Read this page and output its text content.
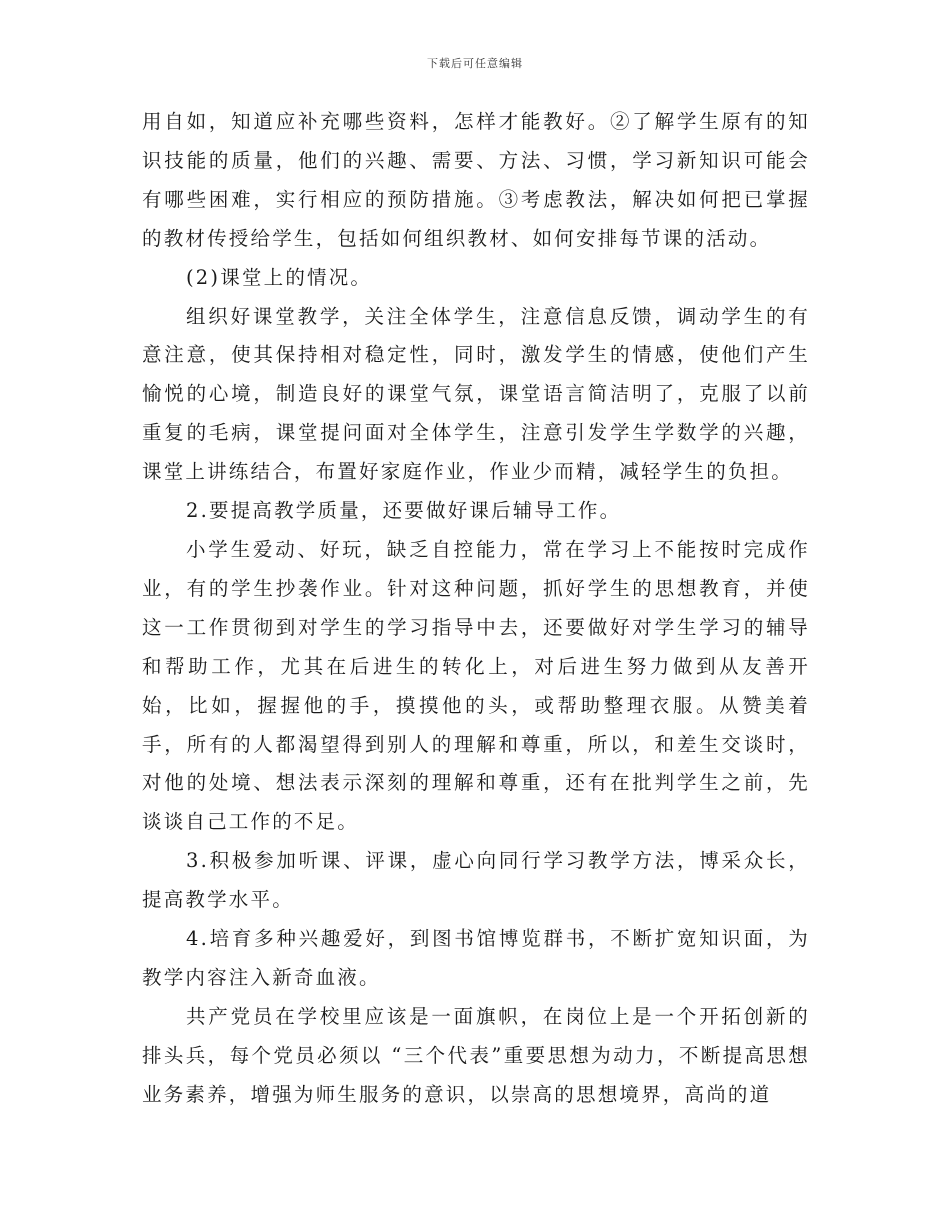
下载后可任意编辑

用自如，知道应补充哪些资料，怎样才能教好。②了解学生原有的知识技能的质量，他们的兴趣、需要、方法、习惯，学习新知识可能会有哪些困难，实行相应的预防措施。③考虑教法，解决如何把已掌握的教材传授给学生，包括如何组织教材、如何安排每节课的活动。

(2)课堂上的情况。

组织好课堂教学，关注全体学生，注意信息反馈，调动学生的有意注意，使其保持相对稳定性，同时，激发学生的情感，使他们产生愉悦的心境，制造良好的课堂气氛，课堂语言简洁明了，克服了以前重复的毛病，课堂提问面对全体学生，注意引发学生学数学的兴趣，课堂上讲练结合，布置好家庭作业，作业少而精，减轻学生的负担。

2.要提高教学质量，还要做好课后辅导工作。

小学生爱动、好玩，缺乏自控能力，常在学习上不能按时完成作业，有的学生抄袭作业。针对这种问题，抓好学生的思想教育，并使这一工作贯彻到对学生的学习指导中去，还要做好对学生学习的辅导和帮助工作，尤其在后进生的转化上，对后进生努力做到从友善开始，比如，握握他的手，摸摸他的头，或帮助整理衣服。从赞美着手，所有的人都渴望得到别人的理解和尊重，所以，和差生交谈时，对他的处境、想法表示深刻的理解和尊重，还有在批判学生之前，先谈谈自己工作的不足。

3.积极参加听课、评课，虚心向同行学习教学方法，博采众长，提高教学水平。

4.培育多种兴趣爱好，到图书馆博览群书，不断扩宽知识面，为教学内容注入新奇血液。

共产党员在学校里应该是一面旗帜，在岗位上是一个开拓创新的排头兵，每个党员必须以 “三个代表”重要思想为动力，不断提高思想业务素养，增强为师生服务的意识，以崇高的思想境界，高尚的道
